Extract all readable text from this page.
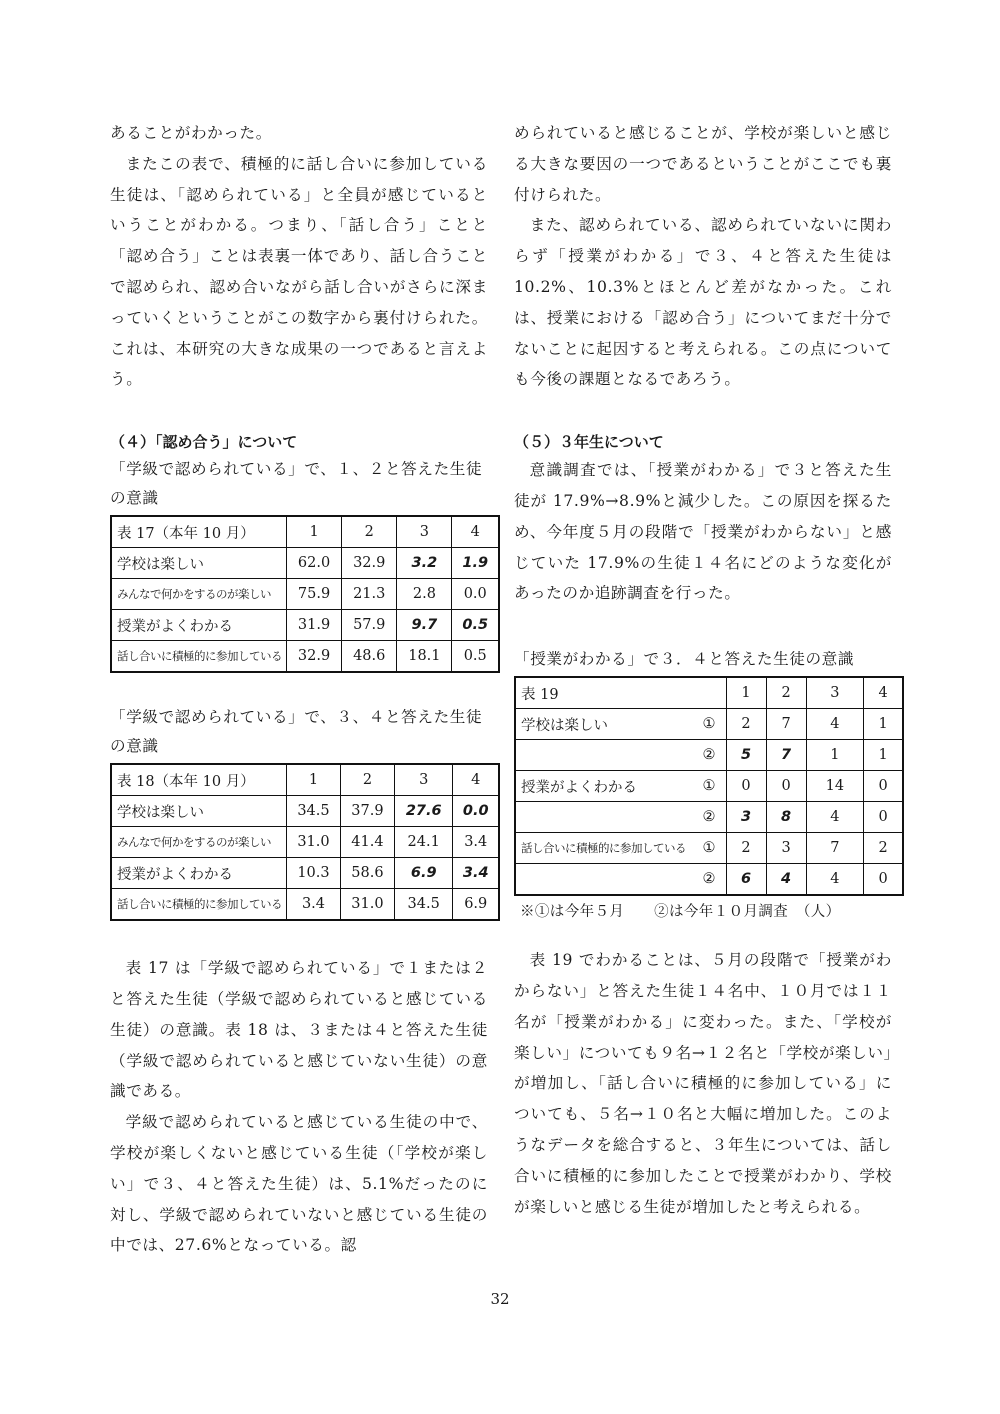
あることがわかった。

またこの表で、積極的に話し合いに参加している生徒は、「認められている」と全員が感じているということがわかる。つまり、「話し合う」ことと「認め合う」ことは表裏一体であり、話し合うことで認められ、認め合いながら話し合いがさらに深まっていくということがこの数字から裏付けられた。これは、本研究の大きな成果の一つであると言えよう。

（４）「認め合う」について

「学級で認められている」で、１、２と答えた生徒の意識

表 17（本年 10 月）	1	2	3	4
学校は楽しい	62.0	32.9	3.2	1.9
みんなで何かをするのが楽しい	75.9	21.3	2.8	0.0
授業がよくわかる	31.9	57.9	9.7	0.5
話し合いに積極的に参加している	32.9	48.6	18.1	0.5

「学級で認められている」で、３、４と答えた生徒の意識

表 18（本年 10 月）	1	2	3	4
学校は楽しい	34.5	37.9	27.6	0.0
みんなで何かをするのが楽しい	31.0	41.4	24.1	3.4
授業がよくわかる	10.3	58.6	6.9	3.4
話し合いに積極的に参加している	3.4	31.0	34.5	6.9

表 17 は「学級で認められている」で１または２と答えた生徒（学級で認められていると感じている生徒）の意識。表 18 は、３または４と答えた生徒（学級で認められていると感じていない生徒）の意識である。

学級で認められていると感じている生徒の中で、学校が楽しくないと感じている生徒（「学校が楽しい」で３、４と答えた生徒）は、5.1%だったのに対し、学級で認められていないと感じている生徒の中では、27.6%となっている。認

められていると感じることが、学校が楽しいと感じる大きな要因の一つであるということがここでも裏付けられた。

また、認められている、認められていないに関わらず「授業がわかる」で３、４と答えた生徒は 10.2%、10.3%とほとんど差がなかった。これは、授業における「認め合う」についてまだ十分でないことに起因すると考えられる。この点についても今後の課題となるであろう。

（５）３年生について

意識調査では、「授業がわかる」で３と答えた生徒が 17.9%→8.9%と減少した。この原因を探るため、今年度５月の段階で「授業がわからない」と感じていた 17.9%の生徒１４名にどのような変化があったのか追跡調査を行った。

「授業がわかる」で３．４と答えた生徒の意識

表 19		1	2	3	4
学校は楽しい	①	2	7	4	1
	②	5	7	1	1
授業がよくわかる	①	0	0	14	0
	②	3	8	4	0
話し合いに積極的に参加している	①	2	3	7	2
	②	6	4	4	0

※①は今年５月　　②は今年１０月調査　（人）

表 19 でわかることは、５月の段階で「授業がわからない」と答えた生徒１４名中、１０月では１１名が「授業がわかる」に変わった。また、「学校が楽しい」についても９名→１２名と「学校が楽しい」が増加し、「話し合いに積極的に参加している」についても、５名→１０名と大幅に増加した。このようなデータを総合すると、３年生については、話し合いに積極的に参加したことで授業がわかり、学校が楽しいと感じる生徒が増加したと考えられる。

32
